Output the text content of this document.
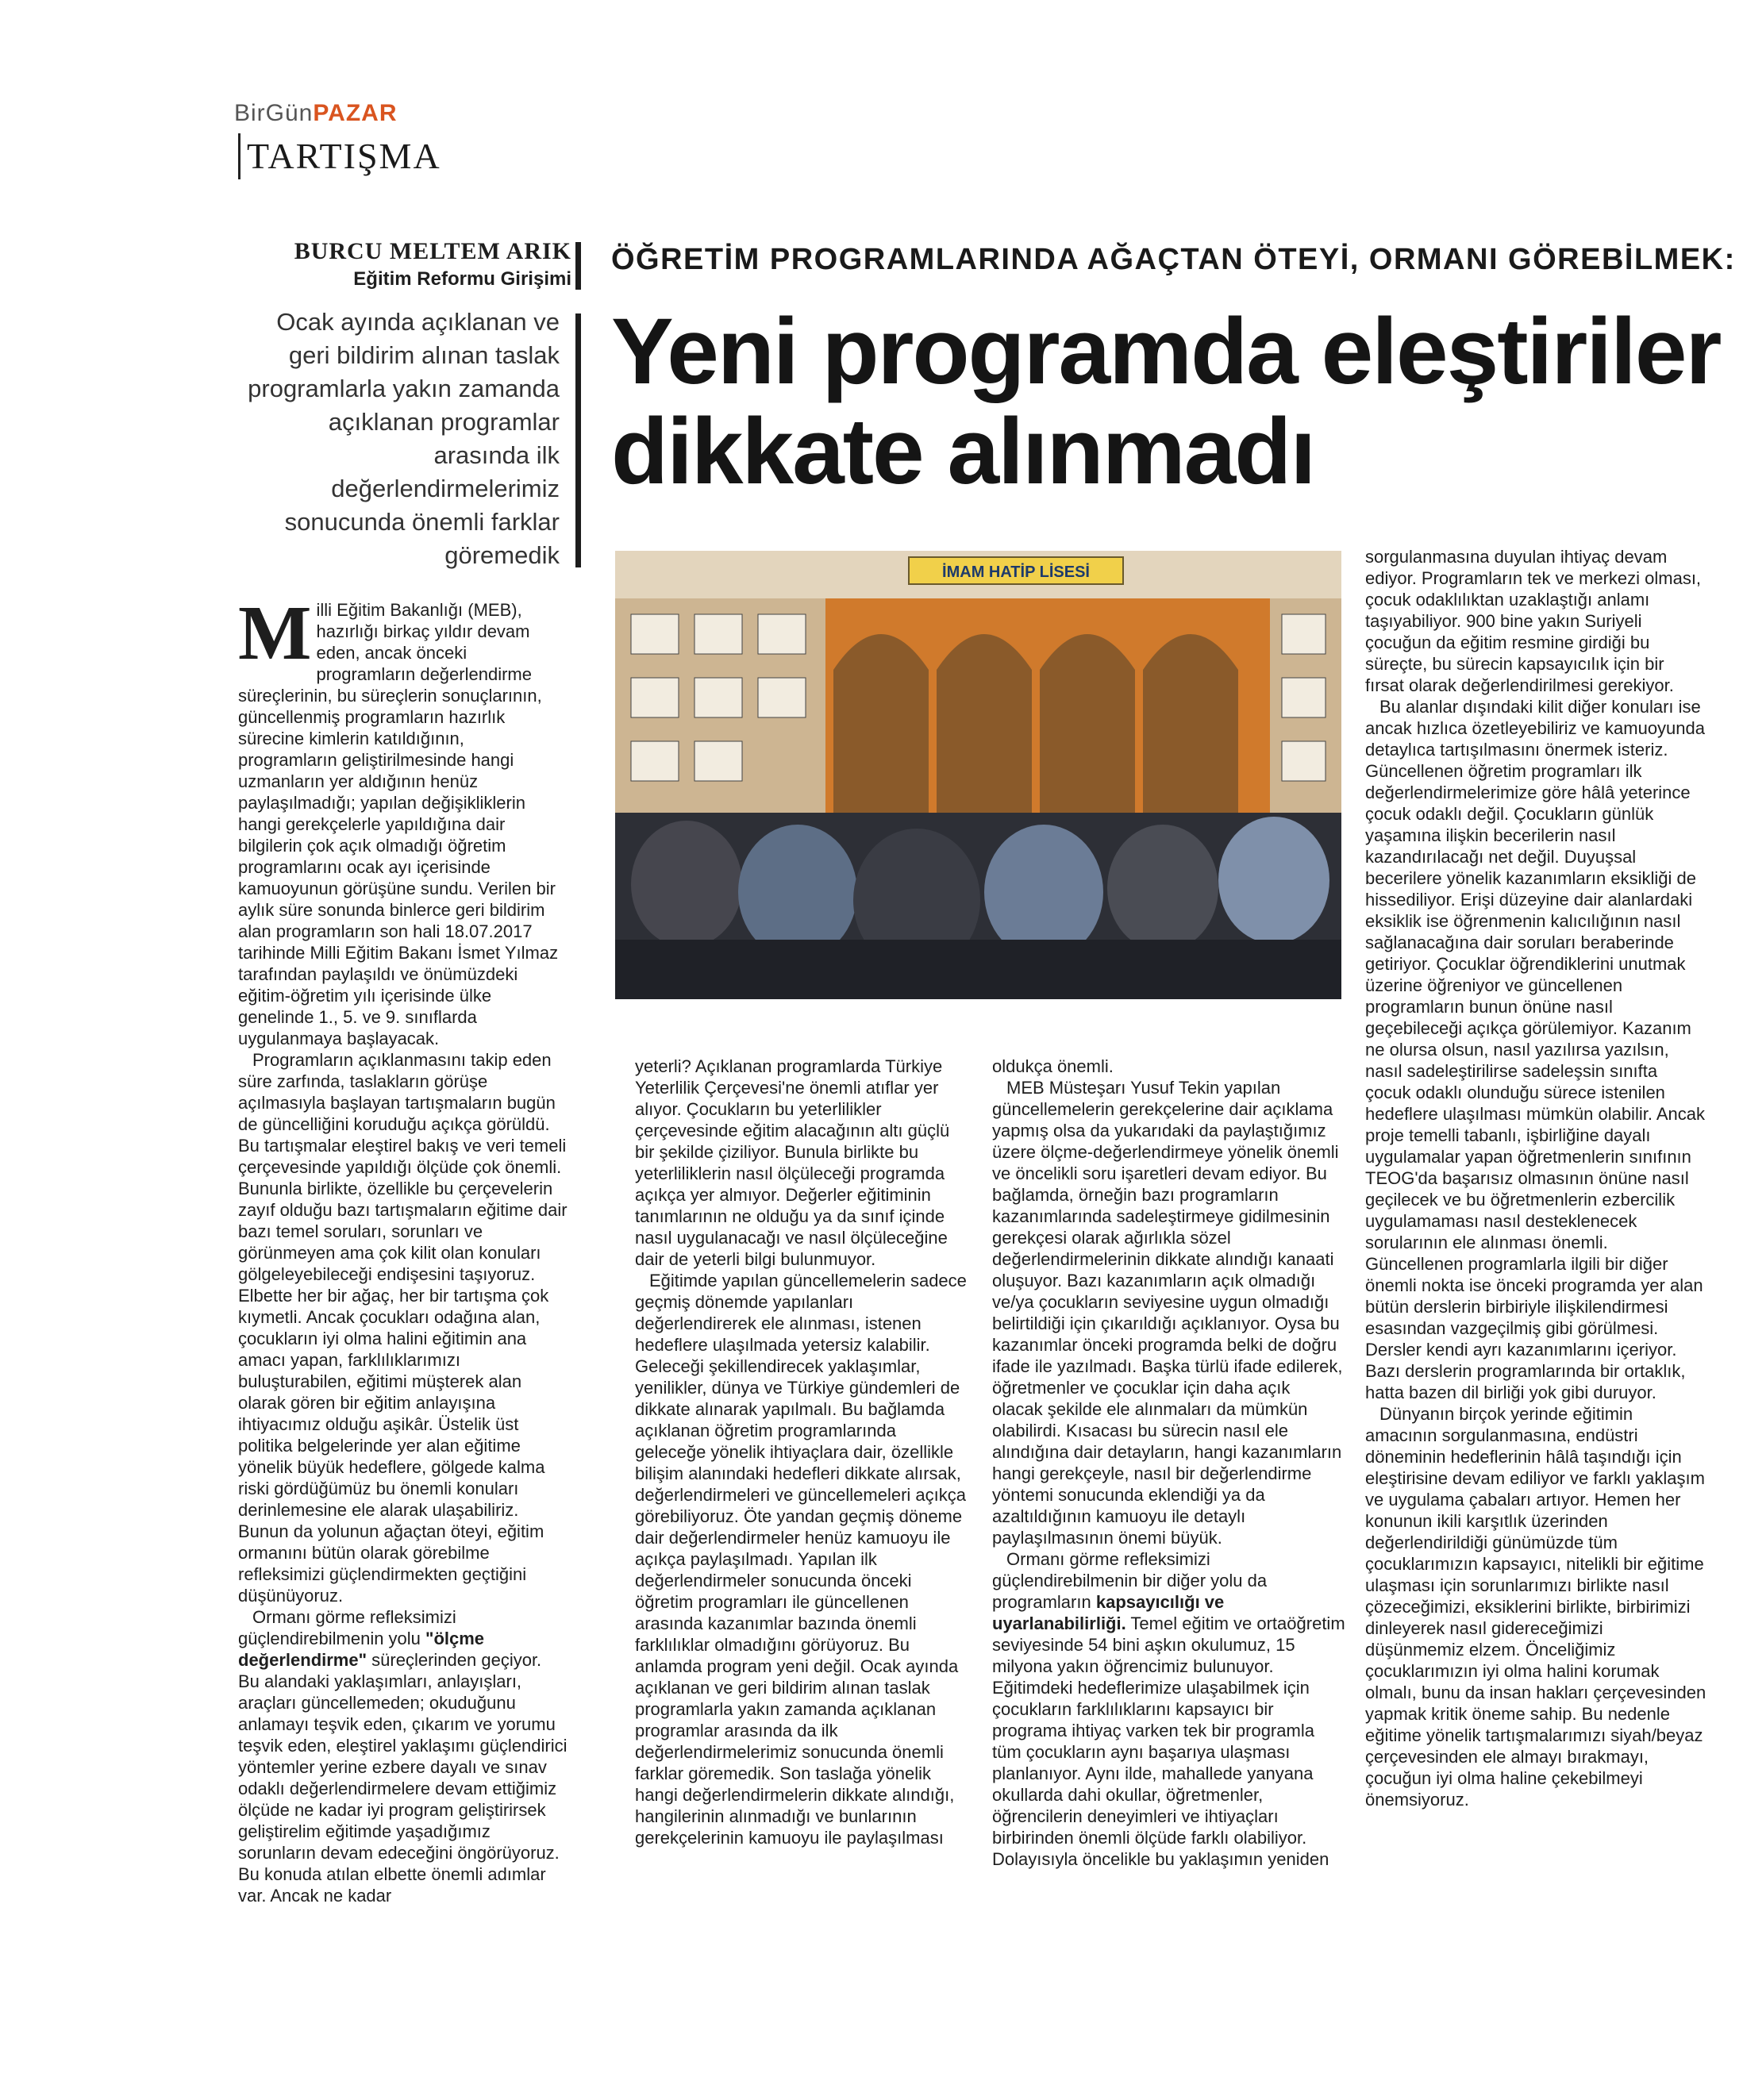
BirGünPAZAR
TARTIŞMA
BURCU MELTEM ARIK
Eğitim Reformu Girişimi
Ocak ayında açıklanan ve geri bildirim alınan taslak programlarla yakın zamanda açıklanan programlar arasında ilk değerlendirmelerimiz sonucunda önemli farklar göremedik
ÖĞRETİM PROGRAMLARINDA AĞAÇTAN ÖTEYİ, ORMANI GÖREBİLMEK:
Yeni programda eleştiriler dikkate alınmadı
İMAM HATİP LİSESİ

Milli Eğitim Bakanlığı (MEB), hazırlığı birkaç yıldır devam eden, ancak önceki programların değerlendirme süreçlerinin, bu süreçlerin sonuçlarının, güncellenmiş programların hazırlık sürecine kimlerin katıldığının, programların geliştirilmesinde hangi uzmanların yer aldığının henüz paylaşılmadığı; yapılan değişikliklerin hangi gerekçelerle yapıldığına dair bilgilerin çok açık olmadığı öğretim programlarını ocak ayı içerisinde kamuoyunun görüşüne sundu. Verilen bir aylık süre sonunda binlerce geri bildirim alan programların son hali 18.07.2017 tarihinde Milli Eğitim Bakanı İsmet Yılmaz tarafından paylaşıldı ve önümüzdeki eğitim-öğretim yılı içerisinde ülke genelinde 1., 5. ve 9. sınıflarda uygulanmaya başlayacak.

Programların açıklanmasını takip eden süre zarfında, taslakların görüşe açılmasıyla başlayan tartışmaların bugün de güncelliğini koruduğu açıkça görüldü. Bu tartışmalar eleştirel bakış ve veri temeli çerçevesinde yapıldığı ölçüde çok önemli. Bununla birlikte, özellikle bu çerçevelerin zayıf olduğu bazı tartışmaların eğitime dair bazı temel soruları, sorunları ve görünmeyen ama çok kilit olan konuları gölgeleyebileceği endişesini taşıyoruz. Elbette her bir ağaç, her bir tartışma çok kıymetli. Ancak çocukları odağına alan, çocukların iyi olma halini eğitimin ana amacı yapan, farklılıklarımızı buluşturabilen, eğitimi müşterek alan olarak gören bir eğitim anlayışına ihtiyacımız olduğu aşikâr. Üstelik üst politika belgelerinde yer alan eğitime yönelik büyük hedeflere, gölgede kalma riski gördüğümüz bu önemli konuları derinlemesine ele alarak ulaşabiliriz. Bunun da yolunun ağaçtan öteyi, eğitim ormanını bütün olarak görebilme refleksimizi güçlendirmekten geçtiğini düşünüyoruz.

Ormanı görme refleksimizi güçlendirebilmenin yolu "ölçme değerlendirme" süreçlerinden geçiyor. Bu alandaki yaklaşımları, anlayışları, araçları güncellemeden; okuduğunu anlamayı teşvik eden, çıkarım ve yorumu teşvik eden, eleştirel yaklaşımı güçlendirici yöntemler yerine ezbere dayalı ve sınav odaklı değerlendirmelere devam ettiğimiz ölçüde ne kadar iyi program geliştirirsek geliştirelim eğitimde yaşadığımız sorunların devam edeceğini öngörüyoruz. Bu konuda atılan elbette önemli adımlar var. Ancak ne kadar

yeterli? Açıklanan programlarda Türkiye Yeterlilik Çerçevesi'ne önemli atıflar yer alıyor. Çocukların bu yeterlilikler çerçevesinde eğitim alacağının altı güçlü bir şekilde çiziliyor. Bunula birlikte bu yeterliliklerin nasıl ölçüleceği programda açıkça yer almıyor. Değerler eğitiminin tanımlarının ne olduğu ya da sınıf içinde nasıl uygulanacağı ve nasıl ölçüleceğine dair de yeterli bilgi bulunmuyor.

Eğitimde yapılan güncellemelerin sadece geçmiş dönemde yapılanları değerlendirerek ele alınması, istenen hedeflere ulaşılmada yetersiz kalabilir. Geleceği şekillendirecek yaklaşımlar, yenilikler, dünya ve Türkiye gündemleri de dikkate alınarak yapılmalı. Bu bağlamda açıklanan öğretim programlarında geleceğe yönelik ihtiyaçlara dair, özellikle bilişim alanındaki hedefleri dikkate alırsak, değerlendirmeleri ve güncellemeleri açıkça görebiliyoruz. Öte yandan geçmiş döneme dair değerlendirmeler henüz kamuoyu ile açıkça paylaşılmadı. Yapılan ilk değerlendirmeler sonucunda önceki öğretim programları ile güncellenen arasında kazanımlar bazında önemli farklılıklar olmadığını görüyoruz. Bu anlamda program yeni değil. Ocak ayında açıklanan ve geri bildirim alınan taslak programlarla yakın zamanda açıklanan programlar arasında da ilk değerlendirmelerimiz sonucunda önemli farklar göremedik. Son taslağa yönelik hangi değerlendirmelerin dikkate alındığı, hangilerinin alınmadığı ve bunlarının gerekçelerinin kamuoyu ile paylaşılması

oldukça önemli.

MEB Müsteşarı Yusuf Tekin yapılan güncellemelerin gerekçelerine dair açıklama yapmış olsa da yukarıdaki da paylaştığımız üzere ölçme-değerlendirmeye yönelik önemli ve öncelikli soru işaretleri devam ediyor. Bu bağlamda, örneğin bazı programların kazanımlarında sadeleştirmeye gidilmesinin gerekçesi olarak ağırlıkla sözel değerlendirmelerinin dikkate alındığı kanaati oluşuyor. Bazı kazanımların açık olmadığı ve/ya çocukların seviyesine uygun olmadığı belirtildiği için çıkarıldığı açıklanıyor. Oysa bu kazanımlar önceki programda belki de doğru ifade ile yazılmadı. Başka türlü ifade edilerek, öğretmenler ve çocuklar için daha açık olacak şekilde ele alınmaları da mümkün olabilirdi. Kısacası bu sürecin nasıl ele alındığına dair detayların, hangi kazanımların hangi gerekçeyle, nasıl bir değerlendirme yöntemi sonucunda eklendiği ya da azaltıldığının kamuoyu ile detaylı paylaşılmasının önemi büyük.

Ormanı görme refleksimizi güçlendirebilmenin bir diğer yolu da programların kapsayıcılığı ve uyarlanabilirliği. Temel eğitim ve ortaöğretim seviyesinde 54 bini aşkın okulumuz, 15 milyona yakın öğrencimiz bulunuyor. Eğitimdeki hedeflerimize ulaşabilmek için çocukların farklılıklarını kapsayıcı bir programa ihtiyaç varken tek bir programla tüm çocukların aynı başarıya ulaşması planlanıyor. Aynı ilde, mahallede yanyana okullarda dahi okullar, öğretmenler, öğrencilerin deneyimleri ve ihtiyaçları birbirinden önemli ölçüde farklı olabiliyor. Dolayısıyla öncelikle bu yaklaşımın yeniden

sorgulanmasına duyulan ihtiyaç devam ediyor. Programların tek ve merkezi olması, çocuk odaklılıktan uzaklaştığı anlamı taşıyabiliyor. 900 bine yakın Suriyeli çocuğun da eğitim resmine girdiği bu süreçte, bu sürecin kapsayıcılık için bir fırsat olarak değerlendirilmesi gerekiyor.

Bu alanlar dışındaki kilit diğer konuları ise ancak hızlıca özetleyebiliriz ve kamuoyunda detaylıca tartışılmasını önermek isteriz. Güncellenen öğretim programları ilk değerlendirmelerimize göre hâlâ yeterince çocuk odaklı değil. Çocukların günlük yaşamına ilişkin becerilerin nasıl kazandırılacağı net değil. Duyuşsal becerilere yönelik kazanımların eksikliği de hissediliyor. Erişi düzeyine dair alanlardaki eksiklik ise öğrenmenin kalıcılığının nasıl sağlanacağına dair soruları beraberinde getiriyor. Çocuklar öğrendiklerini unutmak üzerine öğreniyor ve güncellenen programların bunun önüne nasıl geçebileceği açıkça görülemiyor. Kazanım ne olursa olsun, nasıl yazılırsa yazılsın, nasıl sadeleştirilirse sadeleşsin sınıfta çocuk odaklı olunduğu sürece istenilen hedeflere ulaşılması mümkün olabilir. Ancak proje temelli tabanlı, işbirliğine dayalı uygulamalar yapan öğretmenlerin sınıfının TEOG'da başarısız olmasının önüne nasıl geçilecek ve bu öğretmenlerin ezbercilik uygulamaması nasıl desteklenecek sorularının ele alınması önemli. Güncellenen programlarla ilgili bir diğer önemli nokta ise önceki programda yer alan bütün derslerin birbiriyle ilişkilendirmesi esasından vazgeçilmiş gibi görülmesi. Dersler kendi ayrı kazanımlarını içeriyor. Bazı derslerin programlarında bir ortaklık, hatta bazen dil birliği yok gibi duruyor.

Dünyanın birçok yerinde eğitimin amacının sorgulanmasına, endüstri döneminin hedeflerinin hâlâ taşındığı için eleştirisine devam ediliyor ve farklı yaklaşım ve uygulama çabaları artıyor. Hemen her konunun ikili karşıtlık üzerinden değerlendirildiği günümüzde tüm çocuklarımızın kapsayıcı, nitelikli bir eğitime ulaşması için sorunlarımızı birlikte nasıl çözeceğimizi, eksiklerini birlikte, birbirimizi dinleyerek nasıl gidereceğimizi düşünmemiz elzem. Önceliğimiz çocuklarımızın iyi olma halini korumak olmalı, bunu da insan hakları çerçevesinden yapmak kritik öneme sahip. Bu nedenle eğitime yönelik tartışmalarımızı siyah/beyaz çerçevesinden ele almayı bırakmayı, çocuğun iyi olma haline çekebilmeyi önemsiyoruz.
